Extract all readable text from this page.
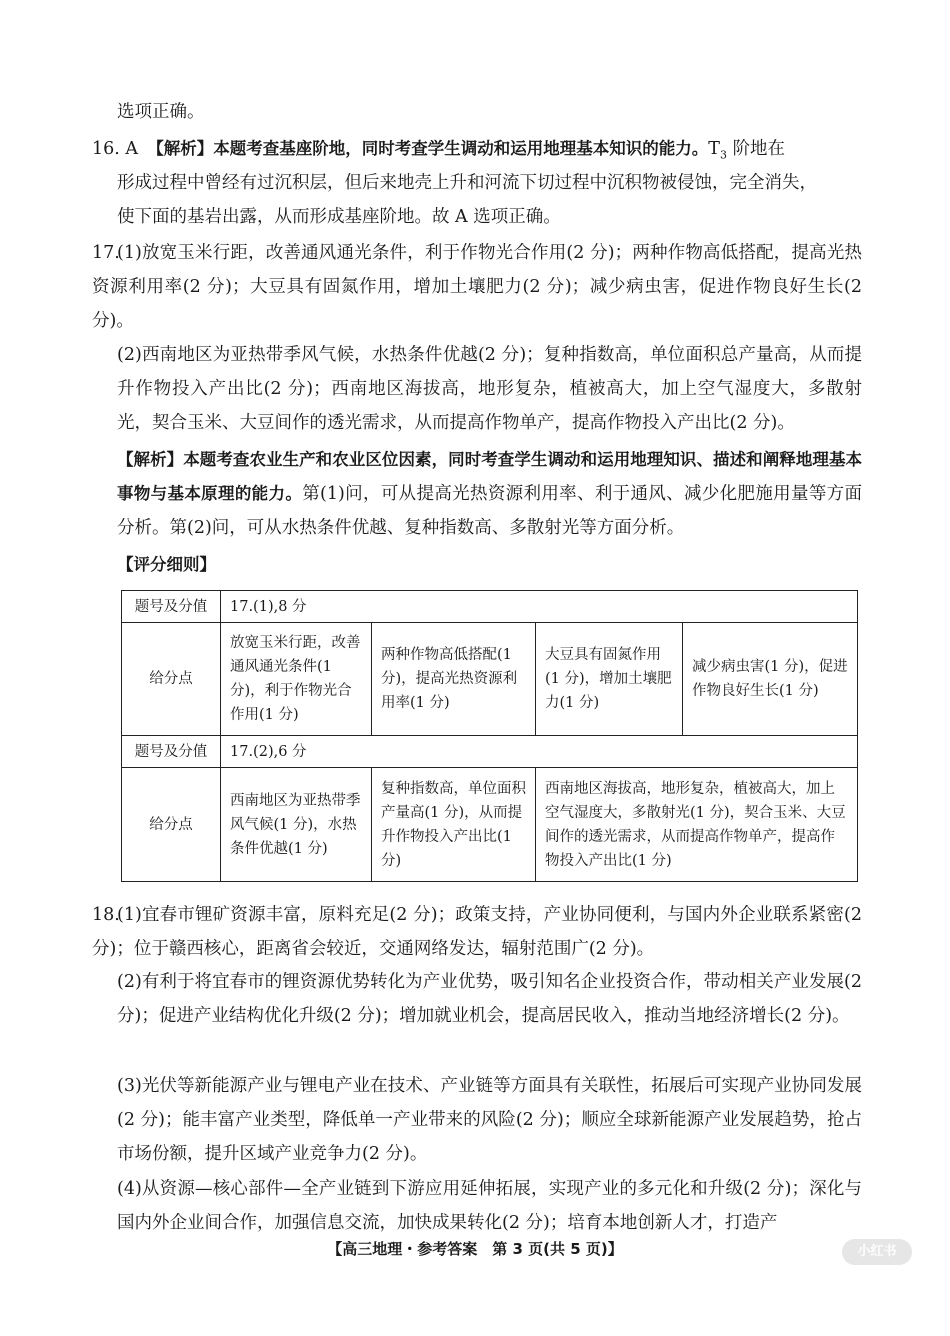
选项正确。

16. A　 【解析】本题考查基座阶地，同时考查学生调动和运用地理基本知识的能力。$T_3$ 阶地在

形成过程中曾经有过沉积层，但后来地壳上升和河流下切过程中沉积物被侵蚀，完全消失，

使下面的基岩出露，从而形成基座阶地。故 A 选项正确。

17.(1)放宽玉米行距，改善通风通光条件，利于作物光合作用(2 分)；两种作物高低搭配，提高光热资源利用率(2 分)；大豆具有固氮作用，增加土壤肥力(2 分)；减少病虫害，促进作物良好生长(2 分)。

(2)西南地区为亚热带季风气候，水热条件优越(2 分)；复种指数高，单位面积总产量高，从而提升作物投入产出比(2 分)；西南地区海拔高，地形复杂，植被高大，加上空气湿度大，多散射光，契合玉米、大豆间作的透光需求，从而提高作物单产，提高作物投入产出比(2 分)。

【解析】本题考查农业生产和农业区位因素，同时考查学生调动和运用地理知识、描述和阐释地理基本事物与基本原理的能力。第(1)问，可从提高光热资源利用率、利于通风、减少化肥施用量等方面分析。第(2)问，可从水热条件优越、复种指数高、多散射光等方面分析。

【评分细则】

题号及分值	17.(1),8 分			
给分点	放宽玉米行距，改善通风通光条件(1 分)，利于作物光合作用(1 分)	两种作物高低搭配(1 分)，提高光热资源利用率(1 分)	大豆具有固氮作用(1 分)，增加土壤肥力(1 分)	减少病虫害(1 分)，促进作物良好生长(1 分)
题号及分值	17.(2),6 分			
给分点	西南地区为亚热带季风气候(1 分)，水热条件优越(1 分)	复种指数高，单位面积产量高(1 分)，从而提升作物投入产出比(1 分)	西南地区海拔高，地形复杂，植被高大，加上空气湿度大，多散射光(1 分)，契合玉米、大豆间作的透光需求，从而提高作物单产，提高作物投入产出比(1 分)	

18.(1)宜春市锂矿资源丰富，原料充足(2 分)；政策支持，产业协同便利，与国内外企业联系紧密(2 分)；位于赣西核心，距离省会较近，交通网络发达，辐射范围广(2 分)。

(2)有利于将宜春市的锂资源优势转化为产业优势，吸引知名企业投资合作，带动相关产业发展(2 分)；促进产业结构优化升级(2 分)；增加就业机会，提高居民收入，推动当地经济增长(2 分)。

(3)光伏等新能源产业与锂电产业在技术、产业链等方面具有关联性，拓展后可实现产业协同发展(2 分)；能丰富产业类型，降低单一产业带来的风险(2 分)；顺应全球新能源产业发展趋势，抢占市场份额，提升区域产业竞争力(2 分)。

(4)从资源—核心部件—全产业链到下游应用延伸拓展，实现产业的多元化和升级(2 分)；深化与国内外企业间合作，加强信息交流，加快成果转化(2 分)；培育本地创新人才，打造产

【高三地理・参考答案　第 3 页(共 5 页)】	小红书
